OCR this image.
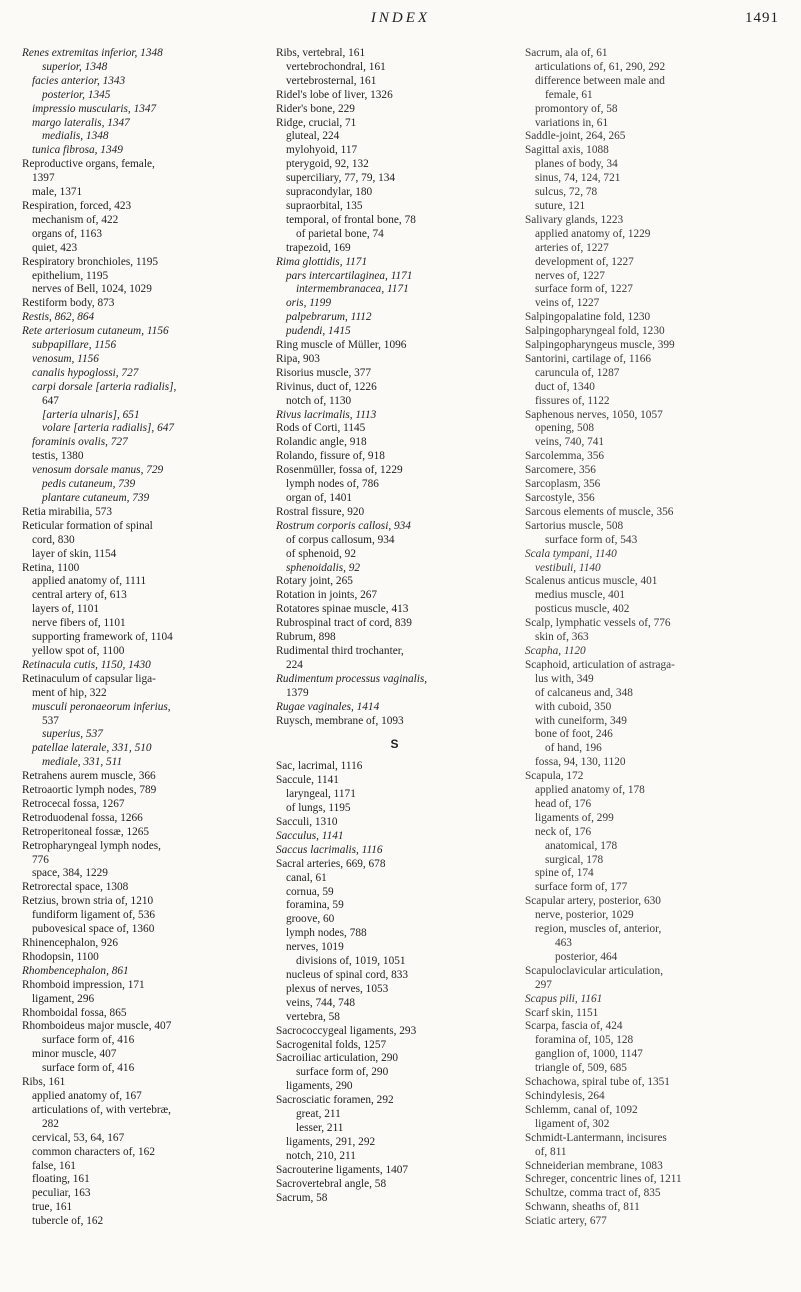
INDEX	1491
Renes extremitas inferior, 1348
superior, 1348
facies anterior, 1343
posterior, 1345
impressio muscularis, 1347
margo lateralis, 1347
medialis, 1348
tunica fibrosa, 1349
Reproductive organs, female,
1397
male, 1371
Respiration, forced, 423
mechanism of, 422
organs of, 1163
quiet, 423
Respiratory bronchioles, 1195
epithelium, 1195
nerves of Bell, 1024, 1029
Restiform body, 873
Restis, 862, 864
Rete arteriosum cutaneum, 1156
subpapillare, 1156
venosum, 1156
canalis hypoglossi, 727
carpi dorsale [arteria radialis],
647
[arteria ulnaris], 651
volare [arteria radialis], 647
foraminis ovalis, 727
testis, 1380
venosum dorsale manus, 729
pedis cutaneum, 739
plantare cutaneum, 739
Retia mirabilia, 573
Reticular formation of spinal
cord, 830
layer of skin, 1154
Retina, 1100
applied anatomy of, 1111
central artery of, 613
layers of, 1101
nerve fibers of, 1101
supporting framework of, 1104
yellow spot of, 1100
Retinacula cutis, 1150, 1430
Retinaculum of capsular liga-
ment of hip, 322
musculi peronaeorum inferius,
537
superius, 537
patellae laterale, 331, 510
mediale, 331, 511
Retrahens aurem muscle, 366
Retroaortic lymph nodes, 789
Retrocecal fossa, 1267
Retroduodenal fossa, 1266
Retroperitoneal fossæ, 1265
Retropharyngeal lymph nodes,
776
space, 384, 1229
Retrorectal space, 1308
Retzius, brown stria of, 1210
fundiform ligament of, 536
pubovesical space of, 1360
Rhinencephalon, 926
Rhodopsin, 1100
Rhombencephalon, 861
Rhomboid impression, 171
ligament, 296
Rhomboidal fossa, 865
Rhomboideus major muscle, 407
surface form of, 416
minor muscle, 407
surface form of, 416
Ribs, 161
applied anatomy of, 167
articulations of, with vertebræ,
282
cervical, 53, 64, 167
common characters of, 162
false, 161
floating, 161
peculiar, 163
true, 161
tubercle of, 162
Ribs, vertebral, 161
vertebrochondral, 161
vertebrosternal, 161
Ridel's lobe of liver, 1326
Rider's bone, 229
Ridge, crucial, 71
gluteal, 224
mylohyoid, 117
pterygoid, 92, 132
superciliary, 77, 79, 134
supracondylar, 180
supraorbital, 135
temporal, of frontal bone, 78
of parietal bone, 74
trapezoid, 169
Rima glottidis, 1171
pars intercartilaginea, 1171
intermembranacea, 1171
oris, 1199
palpebrarum, 1112
pudendi, 1415
Ring muscle of Müller, 1096
Ripa, 903
Risorius muscle, 377
Rivinus, duct of, 1226
notch of, 1130
Rivus lacrimalis, 1113
Rods of Corti, 1145
Rolandic angle, 918
Rolando, fissure of, 918
Rosenmüller, fossa of, 1229
lymph nodes of, 786
organ of, 1401
Rostral fissure, 920
Rostrum corporis callosi, 934
of corpus callosum, 934
of sphenoid, 92
sphenoidalis, 92
Rotary joint, 265
Rotation in joints, 267
Rotatores spinae muscle, 413
Rubrospinal tract of cord, 839
Rubrum, 898
Rudimental third trochanter,
224
Rudimentum processus vaginalis,
1379
Rugae vaginales, 1414
Ruysch, membrane of, 1093
S
Sac, lacrimal, 1116
Saccule, 1141
laryngeal, 1171
of lungs, 1195
Sacculi, 1310
Sacculus, 1141
Saccus lacrimalis, 1116
Sacral arteries, 669, 678
canal, 61
cornua, 59
foramina, 59
groove, 60
lymph nodes, 788
nerves, 1019
divisions of, 1019, 1051
nucleus of spinal cord, 833
plexus of nerves, 1053
veins, 744, 748
vertebra, 58
Sacrococcygeal ligaments, 293
Sacrogenital folds, 1257
Sacroiliac articulation, 290
surface form of, 290
ligaments, 290
Sacrosciatic foramen, 292
great, 211
lesser, 211
ligaments, 291, 292
notch, 210, 211
Sacrouterine ligaments, 1407
Sacrovertebral angle, 58
Sacrum, 58
Sacrum, ala of, 61
articulations of, 61, 290, 292
difference between male and
female, 61
promontory of, 58
variations in, 61
Saddle-joint, 264, 265
Sagittal axis, 1088
planes of body, 34
sinus, 74, 124, 721
sulcus, 72, 78
suture, 121
Salivary glands, 1223
applied anatomy of, 1229
arteries of, 1227
development of, 1227
nerves of, 1227
surface form of, 1227
veins of, 1227
Salpingopalatine fold, 1230
Salpingopharyngeal fold, 1230
Salpingopharyngeus muscle, 399
Santorini, cartilage of, 1166
caruncula of, 1287
duct of, 1340
fissures of, 1122
Saphenous nerves, 1050, 1057
opening, 508
veins, 740, 741
Sarcolemma, 356
Sarcomere, 356
Sarcoplasm, 356
Sarcostyle, 356
Sarcous elements of muscle, 356
Sartorius muscle, 508
surface form of, 543
Scala tympani, 1140
vestibuli, 1140
Scalenus anticus muscle, 401
medius muscle, 401
posticus muscle, 402
Scalp, lymphatic vessels of, 776
skin of, 363
Scapha, 1120
Scaphoid, articulation of astraga-
lus with, 349
of calcaneus and, 348
with cuboid, 350
with cuneiform, 349
bone of foot, 246
of hand, 196
fossa, 94, 130, 1120
Scapula, 172
applied anatomy of, 178
head of, 176
ligaments of, 299
neck of, 176
anatomical, 178
surgical, 178
spine of, 174
surface form of, 177
Scapular artery, posterior, 630
nerve, posterior, 1029
region, muscles of, anterior,
463
posterior, 464
Scapuloclavicular articulation,
297
Scapus pili, 1161
Scarf skin, 1151
Scarpa, fascia of, 424
foramina of, 105, 128
ganglion of, 1000, 1147
triangle of, 509, 685
Schachowa, spiral tube of, 1351
Schindylesis, 264
Schlemm, canal of, 1092
ligament of, 302
Schmidt-Lantermann, incisures
of, 811
Schneiderian membrane, 1083
Schreger, concentric lines of, 1211
Schultze, comma tract of, 835
Schwann, sheaths of, 811
Sciatic artery, 677
